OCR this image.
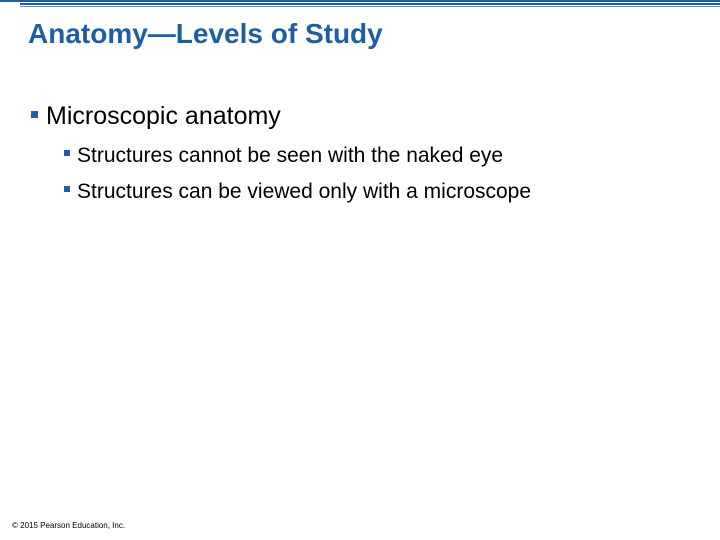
Anatomy—Levels of Study
Microscopic anatomy
Structures cannot be seen with the naked eye
Structures can be viewed only with a microscope
© 2015 Pearson Education, Inc.
